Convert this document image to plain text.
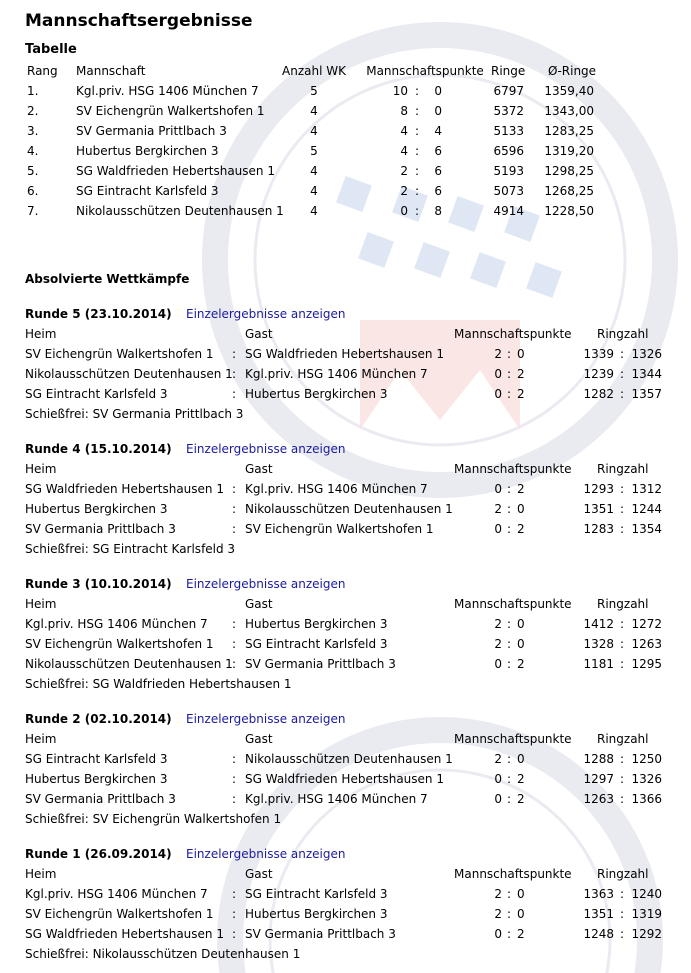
Mannschaftsergebnisse
Tabelle
Rang Mannschaft	Anzahl WK	Mannschaftspunkte Ringe Ø-Ringe
1.	Kgl.priv. HSG 1406 München 7	5	10 :	0	6797 1359,40
2.	SV Eichengrün Walkertshofen 1	4	8 :	0	5372 1343,00
3.	SV Germania Prittlbach 3	4	4 :	4	5133 1283,25
4.	Hubertus Bergkirchen 3	5	4 :	6	6596 1319,20
5.	SG Waldfrieden Hebertshausen 1	4	2 :	6	5193 1298,25
6.	SG Eintracht Karlsfeld 3	4	2 :	6	5073 1268,25
7.	Nikolausschützen Deutenhausen 1	4	0 :	8	4914 1228,50
Absolvierte Wettkämpfe
Runde 5 (23.10.2014) Einzelergebnisse anzeigen
Heim	Gast	Mannschaftspunkte Ringzahl
SV Eichengrün Walkertshofen 1 : SG Waldfrieden Hebertshausen 1	2 : 0	1339 : 1326
Nikolausschützen Deutenhausen 1 : Kgl.priv. HSG 1406 München 7	0 : 2	1239 : 1344
SG Eintracht Karlsfeld 3	: Hubertus Bergkirchen 3	0 : 2	1282 : 1357
Schießfrei: SV Germania Prittlbach 3
Runde 4 (15.10.2014) Einzelergebnisse anzeigen
Heim	Gast	Mannschaftspunkte Ringzahl
SG Waldfrieden Hebertshausen 1 : Kgl.priv. HSG 1406 München 7	0 : 2	1293 : 1312
Hubertus Bergkirchen 3	: Nikolausschützen Deutenhausen 1	2 : 0	1351 : 1244
SV Germania Prittlbach 3	: SV Eichengrün Walkertshofen 1	0 : 2	1283 : 1354
Schießfrei: SG Eintracht Karlsfeld 3
Runde 3 (10.10.2014) Einzelergebnisse anzeigen
Heim	Gast	Mannschaftspunkte Ringzahl
Kgl.priv. HSG 1406 München 7 : Hubertus Bergkirchen 3	2 : 0	1412 : 1272
SV Eichengrün Walkertshofen 1 : SG Eintracht Karlsfeld 3	2 : 0	1328 : 1263
Nikolausschützen Deutenhausen 1 : SV Germania Prittlbach 3	0 : 2	1181 : 1295
Schießfrei: SG Waldfrieden Hebertshausen 1
Runde 2 (02.10.2014) Einzelergebnisse anzeigen
Heim	Gast	Mannschaftspunkte Ringzahl
SG Eintracht Karlsfeld 3	: Nikolausschützen Deutenhausen 1	2 : 0	1288 : 1250
Hubertus Bergkirchen 3	: SG Waldfrieden Hebertshausen 1	0 : 2	1297 : 1326
SV Germania Prittlbach 3	: Kgl.priv. HSG 1406 München 7	0 : 2	1263 : 1366
Schießfrei: SV Eichengrün Walkertshofen 1
Runde 1 (26.09.2014) Einzelergebnisse anzeigen
Heim	Gast	Mannschaftspunkte Ringzahl
Kgl.priv. HSG 1406 München 7 : SG Eintracht Karlsfeld 3	2 : 0	1363 : 1240
SV Eichengrün Walkertshofen 1 : Hubertus Bergkirchen 3	2 : 0	1351 : 1319
SG Waldfrieden Hebertshausen 1 : SV Germania Prittlbach 3	0 : 2	1248 : 1292
Schießfrei: Nikolausschützen Deutenhausen 1
